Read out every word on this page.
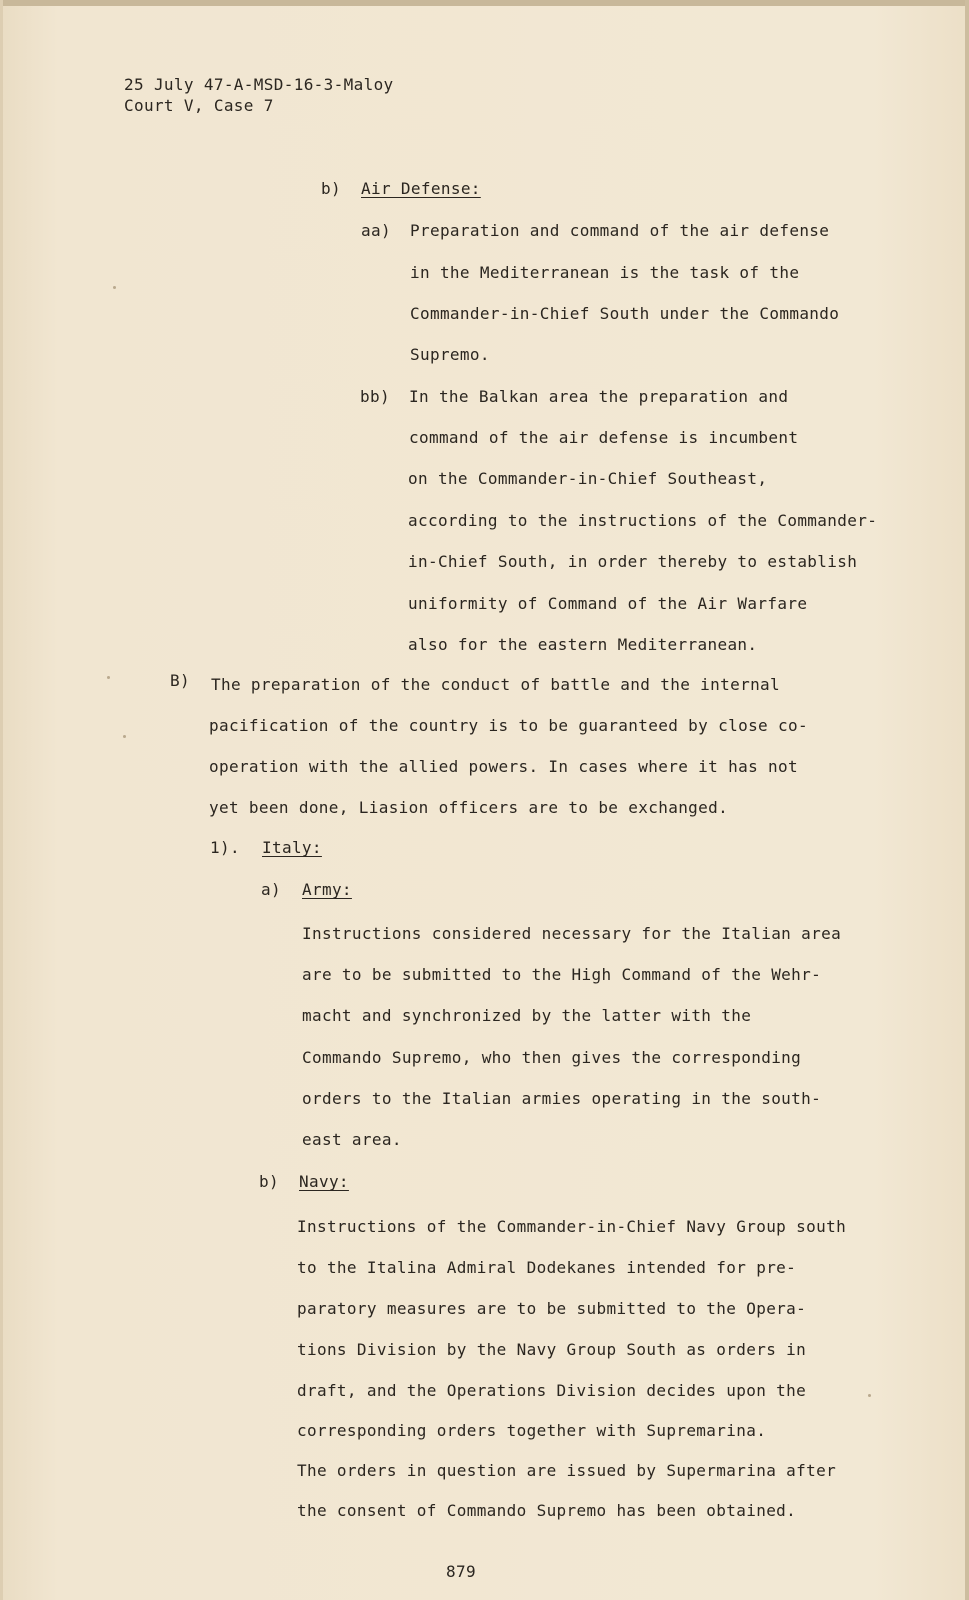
25 July 47-A-MSD-16-3-Maloy
Court V, Case 7
b) Air Defense:
aa) Preparation and command of the air defense
in the Mediterranean is the task of the
Commander-in-Chief South under the Commando
Supremo.
bb) In the Balkan area the preparation and
command of the air defense is incumbent
on the Commander-in-Chief Southeast,
according to the instructions of the Commander-
in-Chief South, in order thereby to establish
uniformity of Command of the Air Warfare
also for the eastern Mediterranean.
B) The preparation of the conduct of battle and the internal
pacification of the country is to be guaranteed by close co-
operation with the allied powers. In cases where it has not
yet been done, Liasion officers are to be exchanged.
1). Italy:
a) Army:
Instructions considered necessary for the Italian area
are to be submitted to the High Command of the Wehr-
macht and synchronized by the latter with the
Commando Supremo, who then gives the corresponding
orders to the Italian armies operating in the south-
east area.
b) Navy:
Instructions of the Commander-in-Chief Navy Group south
to the Italina Admiral Dodekanes intended for pre-
paratory measures are to be submitted to the Opera-
tions Division by the Navy Group South as orders in
draft, and the Operations Division decides upon the
corresponding orders together with Supremarina.
The orders in question are issued by Supermarina after
the consent of Commando Supremo has been obtained.
879
